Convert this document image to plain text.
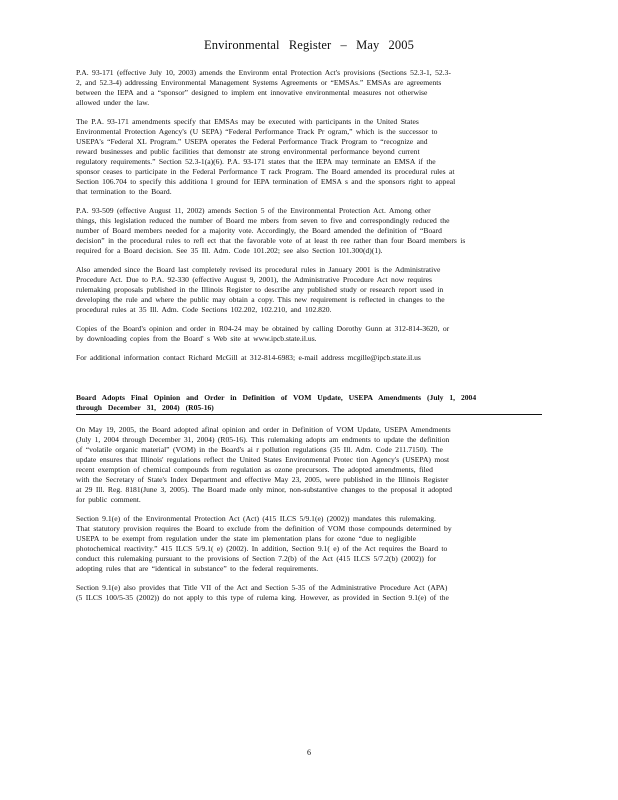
Environmental Register – May 2005
P.A. 93-171 (effective July 10, 2003) amends the Environm ental Protection Act's provisions (Sections 52.3-1, 52.3-
2, and 52.3-4) addressing Environmental Management Systems Agreements or “EMSAs.” EMSAs are agreements
between the IEPA and a “sponsor” designed to implem ent innovative environmental measures not otherwise
allowed under the law.
The P.A. 93-171 amendments specify that EMSAs may be executed with participants in the United States
Environmental Protection Agency's (U SEPA) “Federal Performance Track Pr ogram,” which is the successor to
USEPA's “Federal XL Program.” USEPA operates the Federal Performance Track Program to “recognize and
reward businesses and public facilities that demonstr ate strong environmental performance beyond current
regulatory requirements.” Section 52.3-1(a)(6). P.A. 93-171 states that the IEPA may terminate an EMSA if the
sponsor ceases to participate in the Federal Performance T rack Program. The Board amended its procedural rules at
Section 106.704 to specify this additiona l ground for IEPA termination of EMSA s and the sponsors right to appeal
that termination to the Board.
P.A. 93-509 (effective August 11, 2002) amends Section 5 of the Environmental Protection Act. Among other
things, this legislation reduced the number of Board me mbers from seven to five and correspondingly reduced the
number of Board members needed for a majority vote. Accordingly, the Board amended the definition of “Board
decision” in the procedural rules to refl ect that the favorable vote of at least th ree rather than four Board members is
required for a Board decision. See 35 Ill. Adm. Code 101.202; see also Section 101.300(d)(1).
Also amended since the Board last completely revised its procedural rules in January 2001 is the Administrative
Procedure Act. Due to P.A. 92-330 (effective August 9, 2001), the Administrative Procedure Act now requires
rulemaking proposals published in the Illinois Register to describe any published study or research report used in
developing the rule and where the public may obtain a copy. This new requirement is reflected in changes to the
procedural rules at 35 Ill. Adm. Code Sections 102.202, 102.210, and 102.820.
Copies of the Board's opinion and order in R04-24 may be obtained by calling Dorothy Gunn at 312-814-3620, or
by downloading copies from the Board' s Web site at www.ipcb.state.il.us.
For additional information contact Richard McGill at 312-814-6983; e-mail address mcgille@ipcb.state.il.us
Board Adopts Final Opinion and Order in Definition of VOM Update, USEPA Amendments (July 1, 2004
through December 31, 2004) (R05-16)
On May 19, 2005, the Board adopted afinal opinion and order in Definition of VOM Update, USEPA Amendments
(July 1, 2004 through December 31, 2004) (R05-16). This rulemaking adopts am endments to update the definition
of “volatile organic material” (VOM) in the Board's ai r pollution regulations (35 Ill. Adm. Code 211.7150). The
update ensures that Illinois' regulations reflect the United States Environmental Protec tion Agency's (USEPA) most
recent exemption of chemical compounds from regulation as ozone precursors. The adopted amendments, filed
with the Secretary of State's Index Department and effective May 23, 2005, were published in the Illinois Register
at 29 Ill. Reg. 8181(June 3, 2005). The Board made only minor, non-substantive changes to the proposal it adopted
for public comment.
Section 9.1(e) of the Environmental Protection Act (Act) (415 ILCS 5/9.1(e) (2002)) mandates this rulemaking.
That statutory provision requires the Board to exclude from the definition of VOM those compounds determined by
USEPA to be exempt from regulation under the state im plementation plans for ozone “due to negligible
photochemical reactivity.” 415 ILCS 5/9.1( e) (2002). In addition, Section 9.1( e) of the Act requires the Board to
conduct this rulemaking pursuant to the provisions of Section 7.2(b) of the Act (415 ILCS 5/7.2(b) (2002)) for
adopting rules that are “identical in substance” to the federal requirements.
Section 9.1(e) also provides that Title VII of the Act and Section 5-35 of the Administrative Procedure Act (APA)
(5 ILCS 100/5-35 (2002)) do not apply to this type of rulema king. However, as provided in Section 9.1(e) of the
6
